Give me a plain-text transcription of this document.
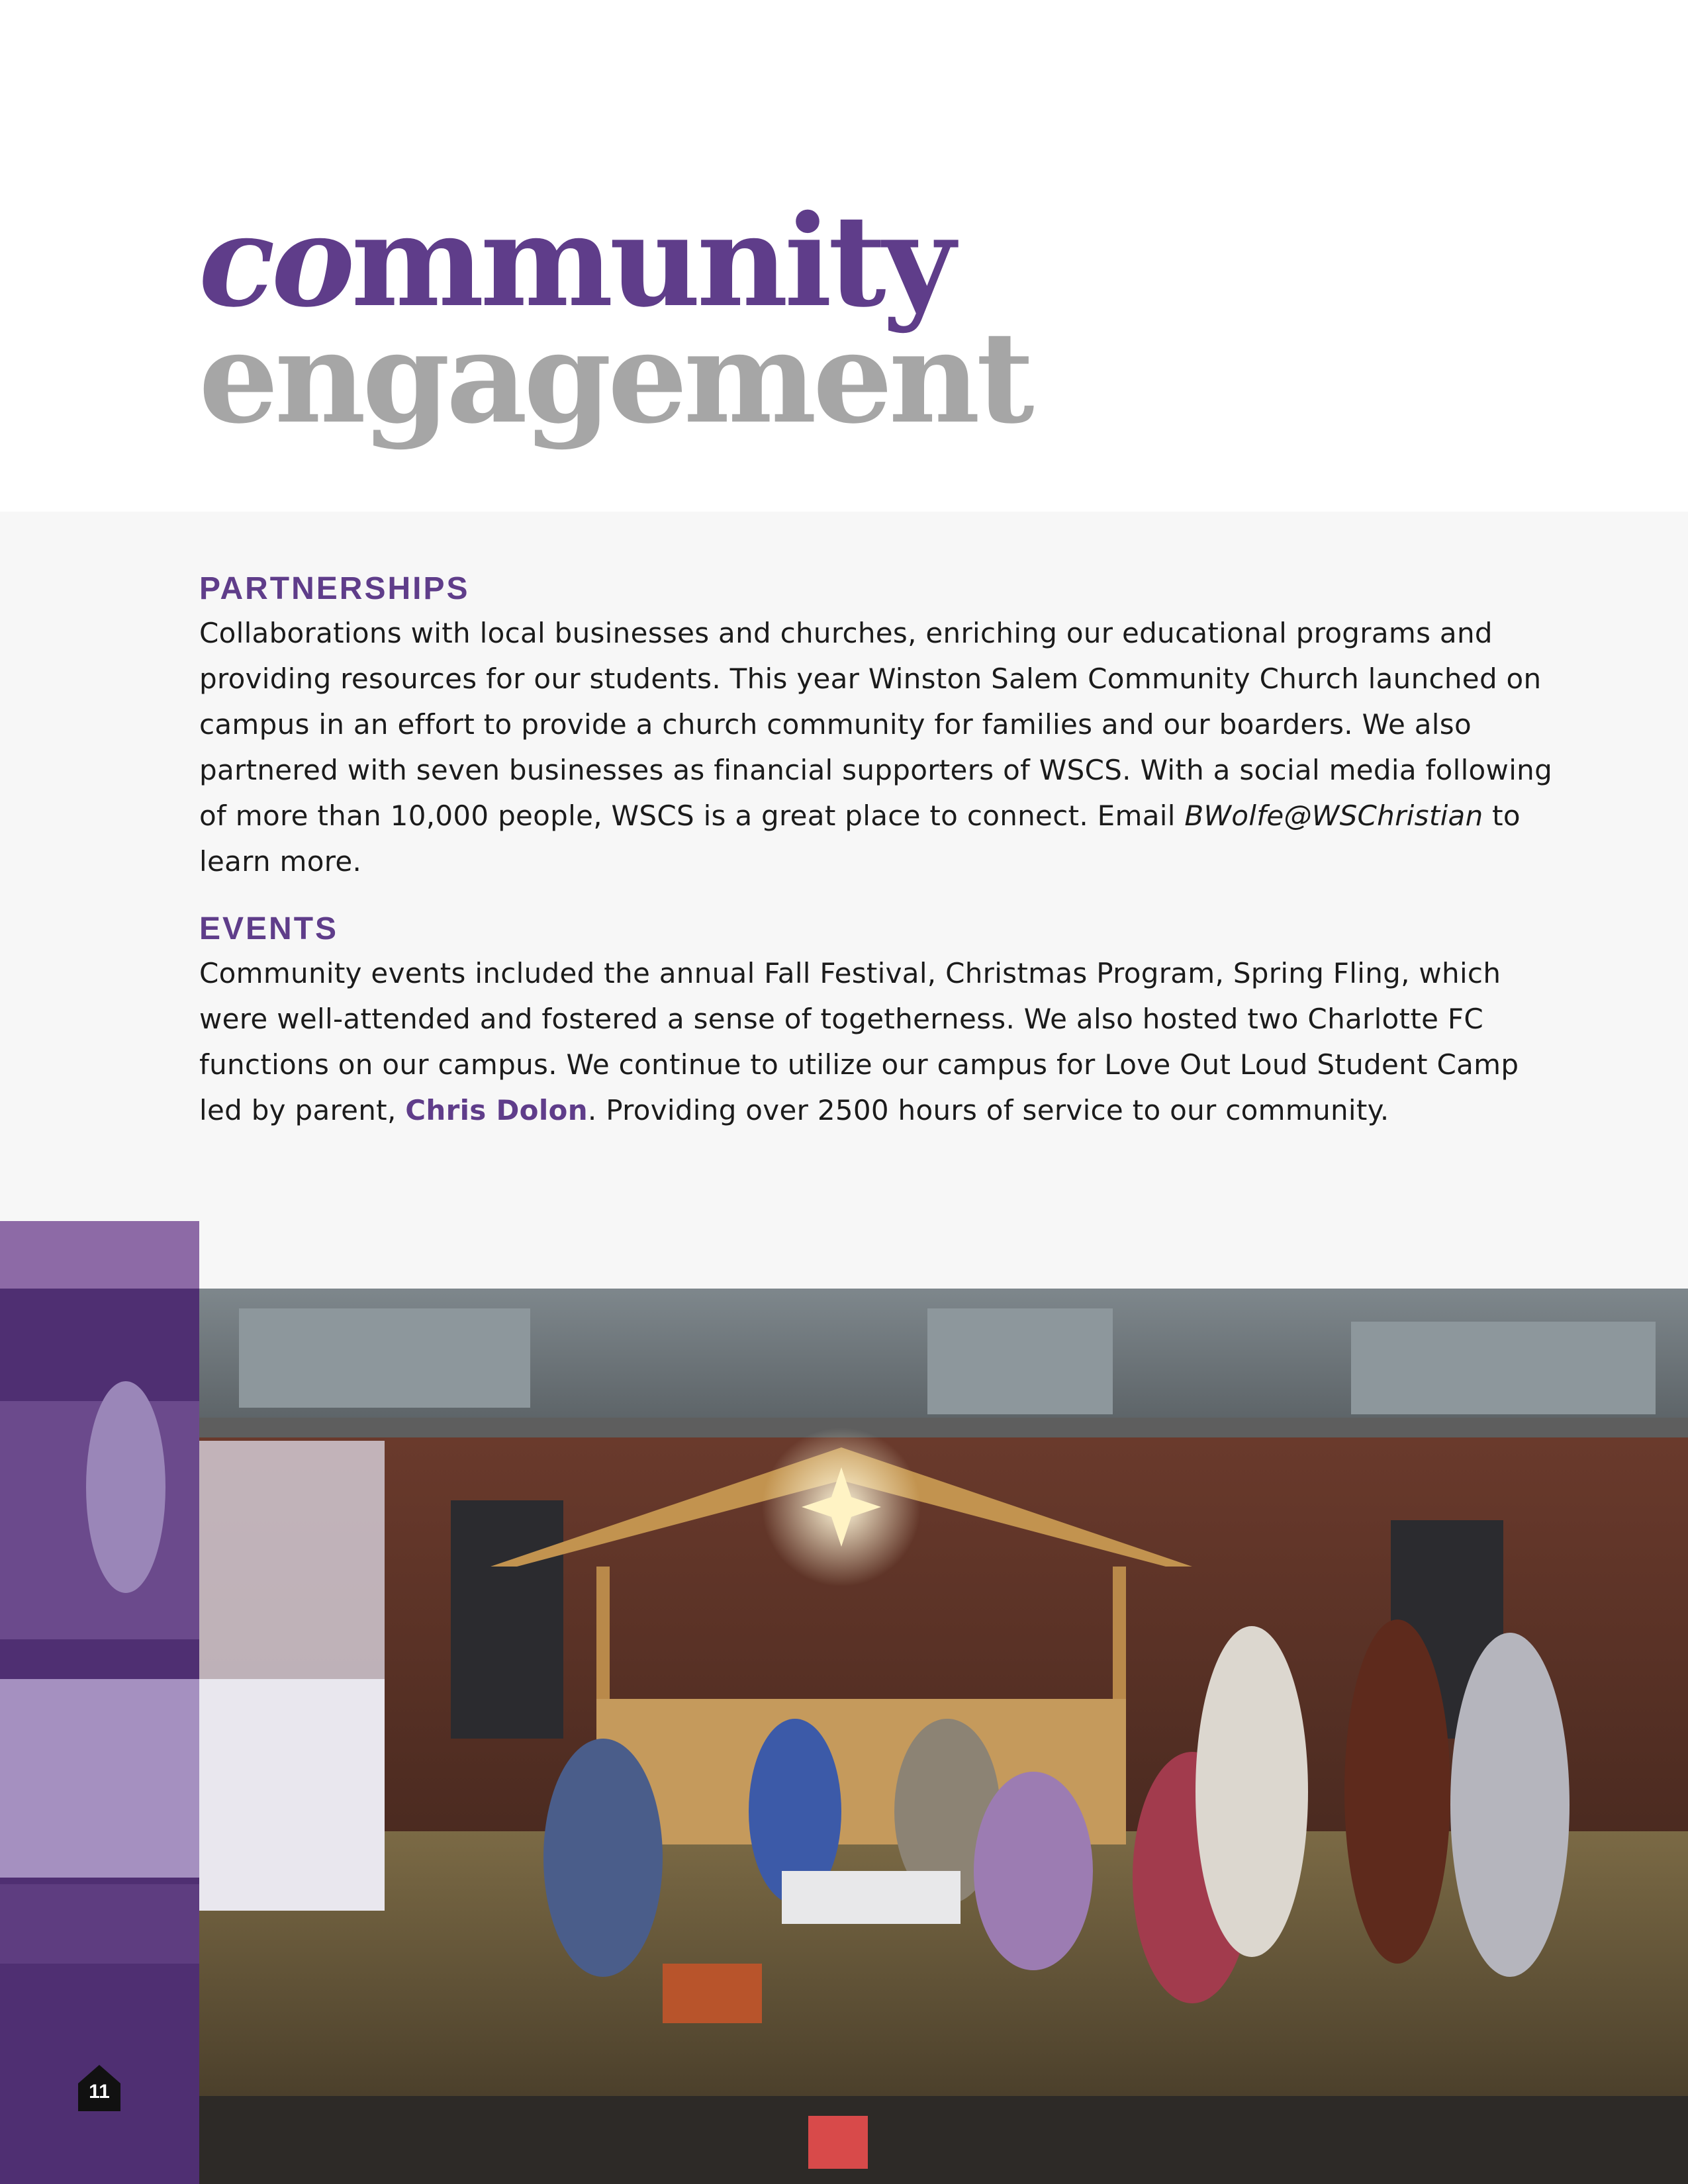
community
engagement
PARTNERSHIPS

Collaborations with local businesses and churches, enriching our educational programs and providing resources for our students. This year Winston Salem Community Church launched on campus in an effort to provide a church community for families and our boarders. We also partnered with seven businesses as financial supporters of WSCS. With a social media following of more than 10,000 people, WSCS is a great place to connect. Email BWolfe@WSChristian to learn more.

EVENTS

Community events included the annual Fall Festival, Christmas Program, Spring Fling, which were well-attended and fostered a sense of togetherness. We also hosted two Charlotte FC functions on our campus. We continue to utilize our campus for Love Out Loud Student Camp led by parent, Chris Dolon. Providing over 2500 hours of service to our community.

11
